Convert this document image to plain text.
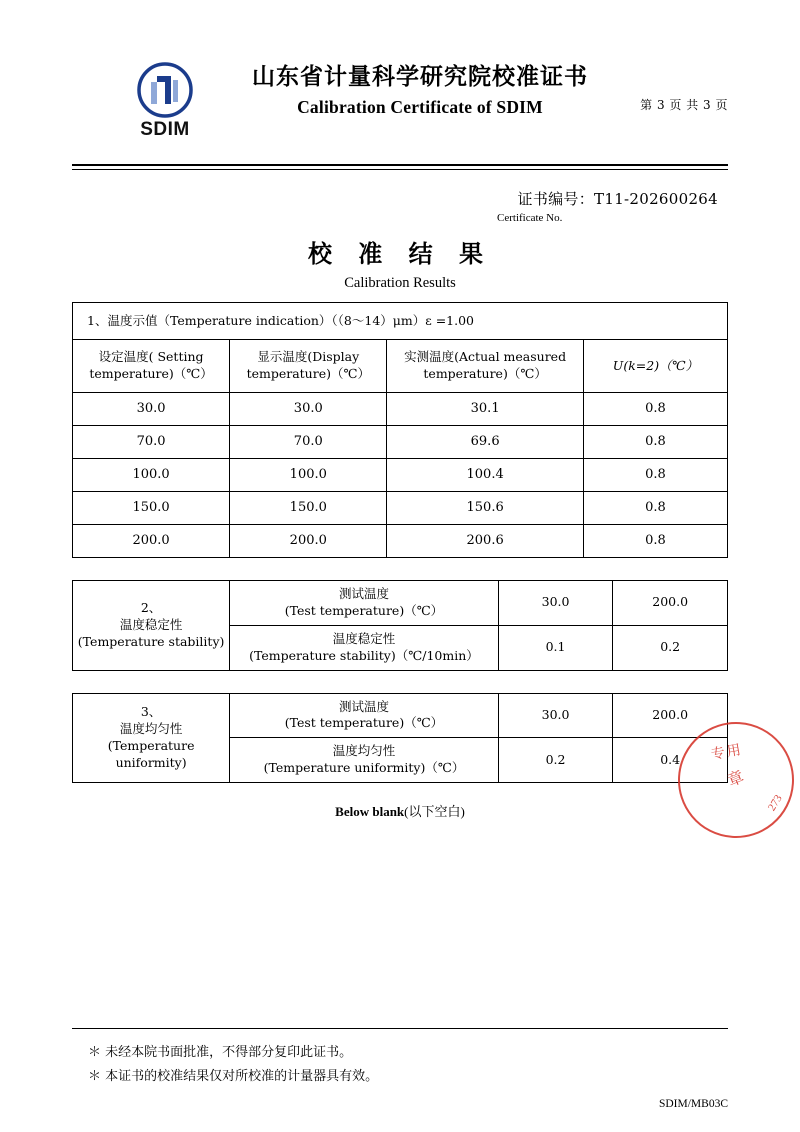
SDIM
山东省计量科学研究院校准证书
Calibration Certificate of SDIM	第 3 页 共 3 页
证书编号：T11-202600264
Certificate No.
校 准 结 果
Calibration Results
1、温度示值（Temperature indication）（（8～14）μm）ε =1.00			
设定温度( Setting
temperature)（℃）	显示温度(Display
temperature)（℃）	实测温度(Actual measured
temperature)（℃）	U(k=2)（℃）
30.0	30.0	30.1	0.8
70.0	70.0	69.6	0.8
100.0	100.0	100.4	0.8
150.0	150.0	150.6	0.8
200.0	200.0	200.6	0.8
2、
温度稳定性
(Temperature stability)	测试温度
(Test temperature)（℃）	30.0	200.0
	温度稳定性
(Temperature stability)（℃/10min）	0.1	0.2
3、
温度均匀性
(Temperature
uniformity)	测试温度
(Test temperature)（℃）	30.0	200.0
	温度均匀性
(Temperature uniformity)（℃）	0.2	0.4
Below blank(以下空白)
专用
章
273
＊ 未经本院书面批准，不得部分复印此证书。
＊ 本证书的校准结果仅对所校准的计量器具有效。
SDIM/MB03C
